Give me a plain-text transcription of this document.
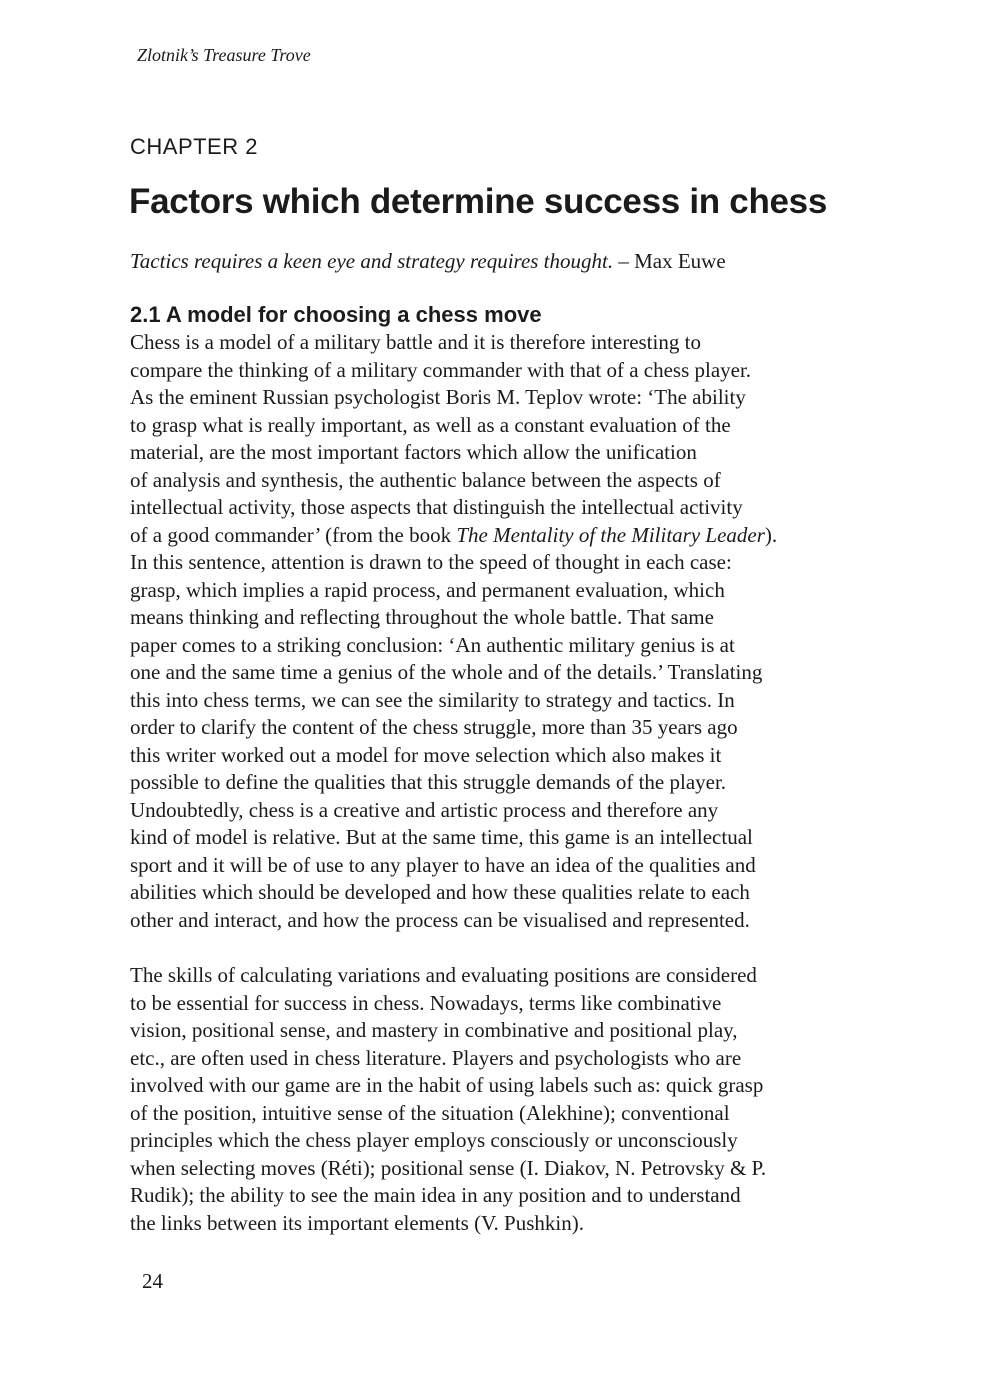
Zlotnik’s Treasure Trove
CHAPTER 2
Factors which determine success in chess
Tactics requires a keen eye and strategy requires thought. – Max Euwe
2.1 A model for choosing a chess move
Chess is a model of a military battle and it is therefore interesting to
compare the thinking of a military commander with that of a chess player.
As the eminent Russian psychologist Boris M. Teplov wrote: ‘The ability
to grasp what is really important, as well as a constant evaluation of the
material, are the most important factors which allow the unification
of analysis and synthesis, the authentic balance between the aspects of
intellectual activity, those aspects that distinguish the intellectual activity
of a good commander’ (from the book The Mentality of the Military Leader).
In this sentence, attention is drawn to the speed of thought in each case:
grasp, which implies a rapid process, and permanent evaluation, which
means thinking and reflecting throughout the whole battle. That same
paper comes to a striking conclusion: ‘An authentic military genius is at
one and the same time a genius of the whole and of the details.’ Translating
this into chess terms, we can see the similarity to strategy and tactics. In
order to clarify the content of the chess struggle, more than 35 years ago
this writer worked out a model for move selection which also makes it
possible to define the qualities that this struggle demands of the player.
Undoubtedly, chess is a creative and artistic process and therefore any
kind of model is relative. But at the same time, this game is an intellectual
sport and it will be of use to any player to have an idea of the qualities and
abilities which should be developed and how these qualities relate to each
other and interact, and how the process can be visualised and represented.
The skills of calculating variations and evaluating positions are considered
to be essential for success in chess. Nowadays, terms like combinative
vision, positional sense, and mastery in combinative and positional play,
etc., are often used in chess literature. Players and psychologists who are
involved with our game are in the habit of using labels such as: quick grasp
of the position, intuitive sense of the situation (Alekhine); conventional
principles which the chess player employs consciously or unconsciously
when selecting moves (Réti); positional sense (I. Diakov, N. Petrovsky & P.
Rudik); the ability to see the main idea in any position and to understand
the links between its important elements (V. Pushkin).
24
